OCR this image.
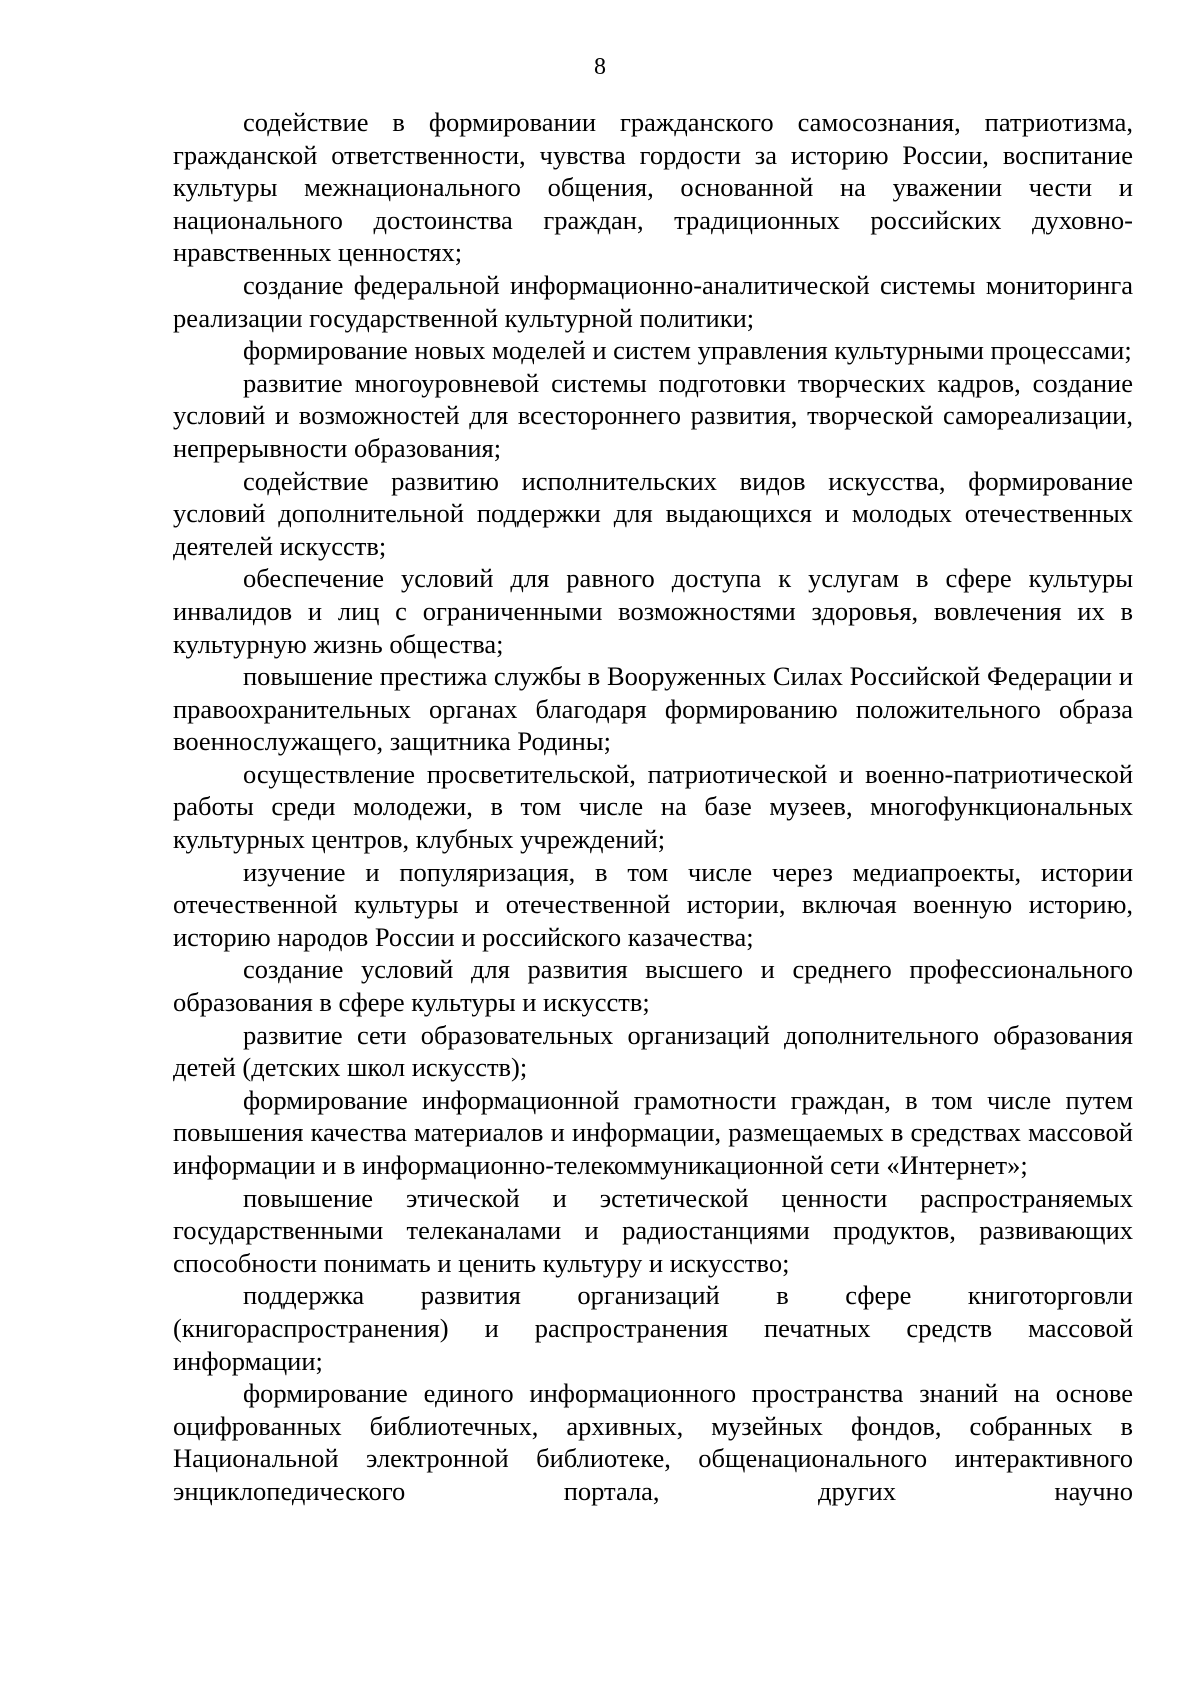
8

содействие в формировании гражданского самосознания, патриотизма, гражданской ответственности, чувства гордости за историю России, воспитание культуры межнационального общения, основанной на уважении чести и национального достоинства граждан, традиционных российских духовно-нравственных ценностях;

создание федеральной информационно-аналитической системы мониторинга реализации государственной культурной политики;

формирование новых моделей и систем управления культурными процессами;

развитие многоуровневой системы подготовки творческих кадров, создание условий и возможностей для всестороннего развития, творческой самореализации, непрерывности образования;

содействие развитию исполнительских видов искусства, формирование условий дополнительной поддержки для выдающихся и молодых отечественных деятелей искусств;

обеспечение условий для равного доступа к услугам в сфере культуры инвалидов и лиц с ограниченными возможностями здоровья, вовлечения их в культурную жизнь общества;

повышение престижа службы в Вооруженных Силах Российской Федерации и правоохранительных органах благодаря формированию положительного образа военнослужащего, защитника Родины;

осуществление просветительской, патриотической и военно-патриотической работы среди молодежи, в том числе на базе музеев, многофункциональных культурных центров, клубных учреждений;

изучение и популяризация, в том числе через медиапроекты, истории отечественной культуры и отечественной истории, включая военную историю, историю народов России и российского казачества;

создание условий для развития высшего и среднего профессионального образования в сфере культуры и искусств;

развитие сети образовательных организаций дополнительного образования детей (детских школ искусств);

формирование информационной грамотности граждан, в том числе путем повышения качества материалов и информации, размещаемых в средствах массовой информации и в информационно-телекоммуникационной сети «Интернет»;

повышение этической и эстетической ценности распространяемых государственными телеканалами и радиостанциями продуктов, развивающих способности понимать и ценить культуру и искусство;

поддержка развития организаций в сфере книготорговли (книгораспространения) и распространения печатных средств массовой информации;

формирование единого информационного пространства знаний на основе оцифрованных библиотечных, архивных, музейных фондов, собранных в Национальной электронной библиотеке, общенационального интерактивного энциклопедического портала, других научно
